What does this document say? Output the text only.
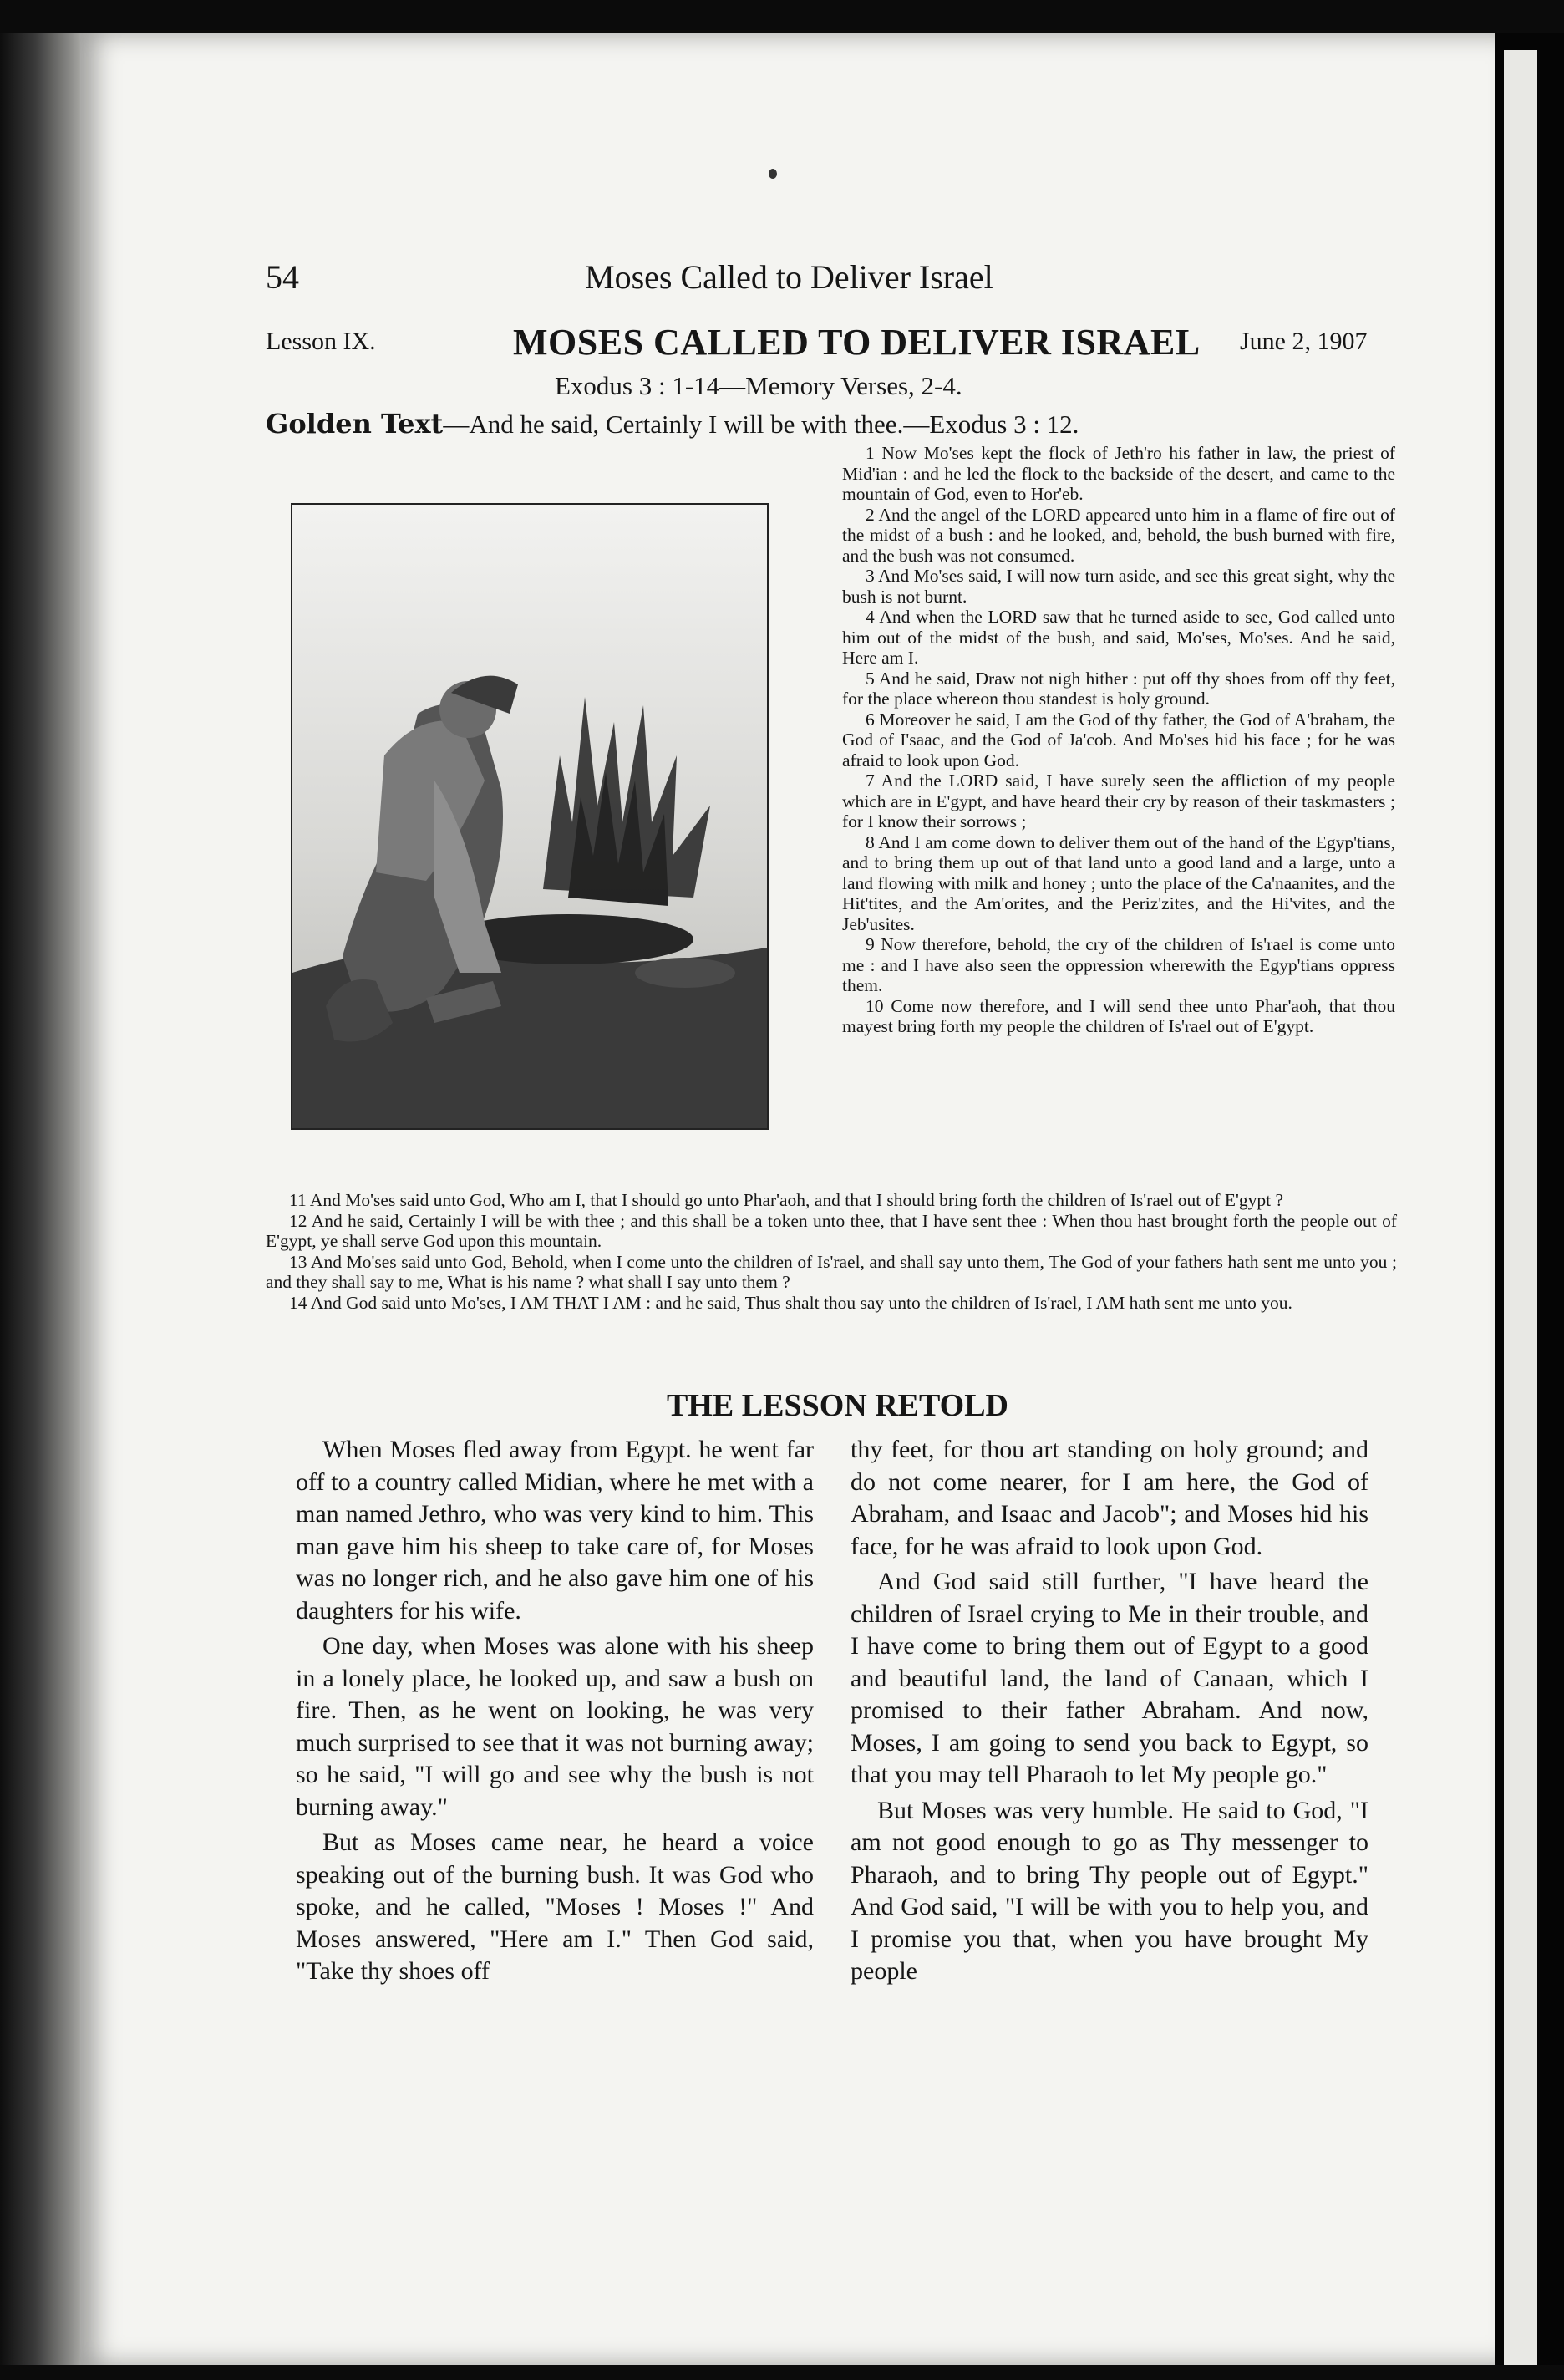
54	Moses Called to Deliver Israel
Lesson IX.	MOSES CALLED TO DELIVER ISRAEL June 2, 1907
Exodus 3 : 1-14—Memory Verses, 2-4.
Golden Text—And he said, Certainly I will be with thee.—Exodus 3 : 12.

1 Now Mo'ses kept the flock of Jeth'ro his father in law, the priest of Mid'ian : and he led the flock to the backside of the desert, and came to the mountain of God, even to Hor'eb.

2 And the angel of the LORD appeared unto him in a flame of fire out of the midst of a bush : and he looked, and, behold, the bush burned with fire, and the bush was not consumed.

3 And Mo'ses said, I will now turn aside, and see this great sight, why the bush is not burnt.

4 And when the LORD saw that he turned aside to see, God called unto him out of the midst of the bush, and said, Mo'ses, Mo'ses. And he said, Here am I.

5 And he said, Draw not nigh hither : put off thy shoes from off thy feet, for the place whereon thou standest is holy ground.

6 Moreover he said, I am the God of thy father, the God of A'braham, the God of I'saac, and the God of Ja'cob. And Mo'ses hid his face ; for he was afraid to look upon God.

7 And the LORD said, I have surely seen the affliction of my people which are in E'gypt, and have heard their cry by reason of their taskmasters ; for I know their sorrows ;

8 And I am come down to deliver them out of the hand of the Egyp'tians, and to bring them up out of that land unto a good land and a large, unto a land flowing with milk and honey ; unto the place of the Ca'naanites, and the Hit'tites, and the Am'orites, and the Periz'zites, and the Hi'vites, and the Jeb'usites.

9 Now therefore, behold, the cry of the children of Is'rael is come unto me : and I have also seen the oppression wherewith the Egyp'tians oppress them.

10 Come now therefore, and I will send thee unto Phar'aoh, that thou mayest bring forth my people the children of Is'rael out of E'gypt.

11 And Mo'ses said unto God, Who am I, that I should go unto Phar'aoh, and that I should bring forth the children of Is'rael out of E'gypt ?

12 And he said, Certainly I will be with thee ; and this shall be a token unto thee, that I have sent thee : When thou hast brought forth the people out of E'gypt, ye shall serve God upon this mountain.

13 And Mo'ses said unto God, Behold, when I come unto the children of Is'rael, and shall say unto them, The God of your fathers hath sent me unto you ; and they shall say to me, What is his name ? what shall I say unto them ?

14 And God said unto Mo'ses, I AM THAT I AM : and he said, Thus shalt thou say unto the children of Is'rael, I AM hath sent me unto you.

THE LESSON RETOLD

When Moses fled away from Egypt. he went far off to a country called Midian, where he met with a man named Jethro, who was very kind to him. This man gave him his sheep to take care of, for Moses was no longer rich, and he also gave him one of his daughters for his wife.

One day, when Moses was alone with his sheep in a lonely place, he looked up, and saw a bush on fire. Then, as he went on looking, he was very much surprised to see that it was not burning away; so he said, "I will go and see why the bush is not burning away."

But as Moses came near, he heard a voice speaking out of the burning bush. It was God who spoke, and he called, "Moses ! Moses !" And Moses answered, "Here am I." Then God said, "Take thy shoes off

thy feet, for thou art standing on holy ground; and do not come nearer, for I am here, the God of Abraham, and Isaac and Jacob"; and Moses hid his face, for he was afraid to look upon God.

And God said still further, "I have heard the children of Israel crying to Me in their trouble, and I have come to bring them out of Egypt to a good and beautiful land, the land of Canaan, which I promised to their father Abraham. And now, Moses, I am going to send you back to Egypt, so that you may tell Pharaoh to let My people go."

But Moses was very humble. He said to God, "I am not good enough to go as Thy messenger to Pharaoh, and to bring Thy people out of Egypt." And God said, "I will be with you to help you, and I promise you that, when you have brought My people
